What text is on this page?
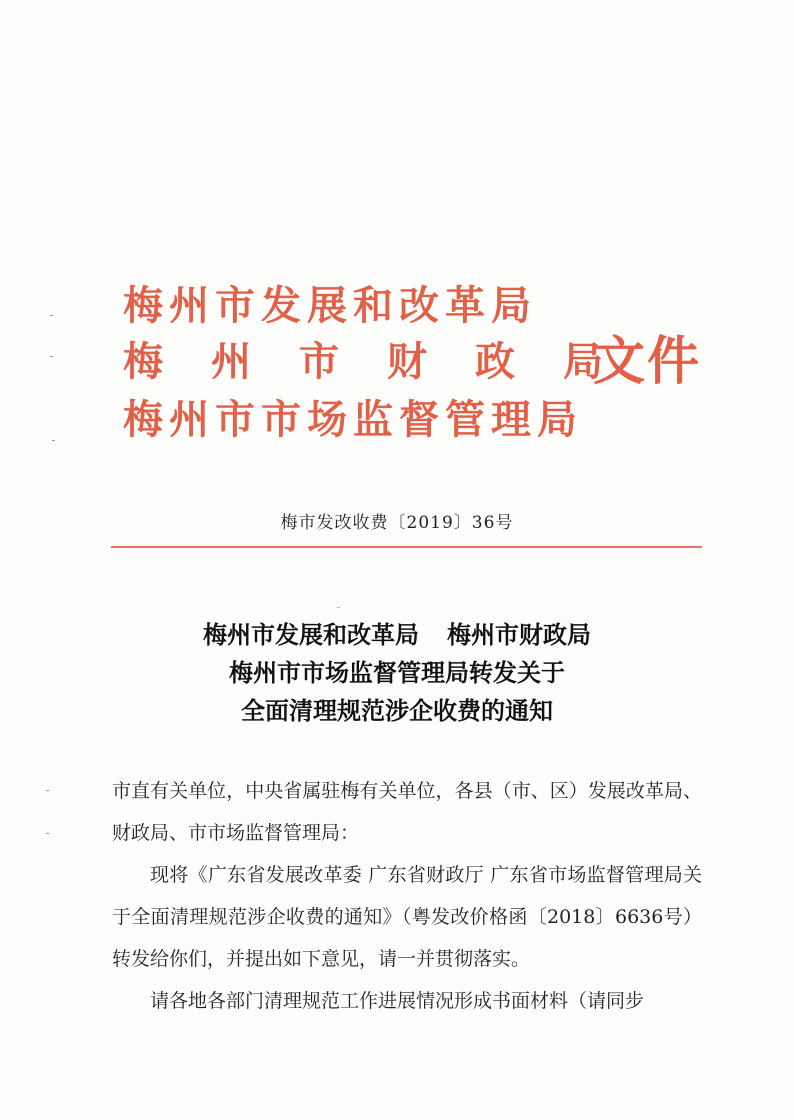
梅州市发展和改革局
梅 州 市 财 政 局
梅州市市场监督管理局
文件
梅市发改收费〔2019〕36号
梅州市发展和改革局 梅州市财政局
梅州市市场监督管理局转发关于
全面清理规范涉企收费的通知

市直有关单位，中央省属驻梅有关单位，各县（市、区）发展改革局、财政局、市市场监督管理局：

现将《广东省发展改革委 广东省财政厅 广东省市场监督管理局关于全面清理规范涉企收费的通知》（粤发改价格函〔2018〕6636号）转发给你们，并提出如下意见，请一并贯彻落实。

请各地各部门清理规范工作进展情况形成书面材料（请同步
